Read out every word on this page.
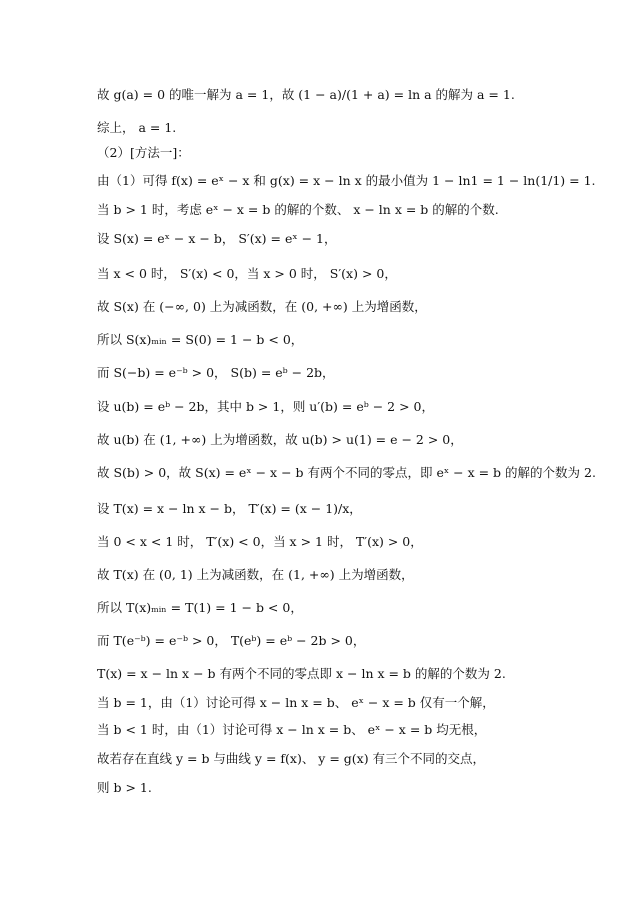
故 g(a) = 0 的唯一解为 a = 1，故 (1 − a)/(1 + a) = ln a 的解为 a = 1.
综上， a = 1.
（2）[方法一]：
由（1）可得 f(x) = eˣ − x 和 g(x) = x − ln x 的最小值为 1 − ln1 = 1 − ln(1/1) = 1.
当 b > 1 时，考虑 eˣ − x = b 的解的个数、 x − ln x = b 的解的个数.
设 S(x) = eˣ − x − b， S′(x) = eˣ − 1，
当 x < 0 时， S′(x) < 0，当 x > 0 时， S′(x) > 0，
故 S(x) 在 (−∞, 0) 上为减函数，在 (0, +∞) 上为增函数，
所以 S(x)ₘᵢₙ = S(0) = 1 − b < 0，
而 S(−b) = e⁻ᵇ > 0， S(b) = eᵇ − 2b，
设 u(b) = eᵇ − 2b，其中 b > 1，则 u′(b) = eᵇ − 2 > 0，
故 u(b) 在 (1, +∞) 上为增函数，故 u(b) > u(1) = e − 2 > 0，
故 S(b) > 0，故 S(x) = eˣ − x − b 有两个不同的零点，即 eˣ − x = b 的解的个数为 2.
设 T(x) = x − ln x − b， T′(x) = (x − 1)/x，
当 0 < x < 1 时， T′(x) < 0，当 x > 1 时， T′(x) > 0，
故 T(x) 在 (0, 1) 上为减函数，在 (1, +∞) 上为增函数，
所以 T(x)ₘᵢₙ = T(1) = 1 − b < 0，
而 T(e⁻ᵇ) = e⁻ᵇ > 0， T(eᵇ) = eᵇ − 2b > 0，
T(x) = x − ln x − b 有两个不同的零点即 x − ln x = b 的解的个数为 2.
当 b = 1，由（1）讨论可得 x − ln x = b、 eˣ − x = b 仅有一个解，
当 b < 1 时，由（1）讨论可得 x − ln x = b、 eˣ − x = b 均无根，
故若存在直线 y = b 与曲线 y = f(x)、 y = g(x) 有三个不同的交点，
则 b > 1.
